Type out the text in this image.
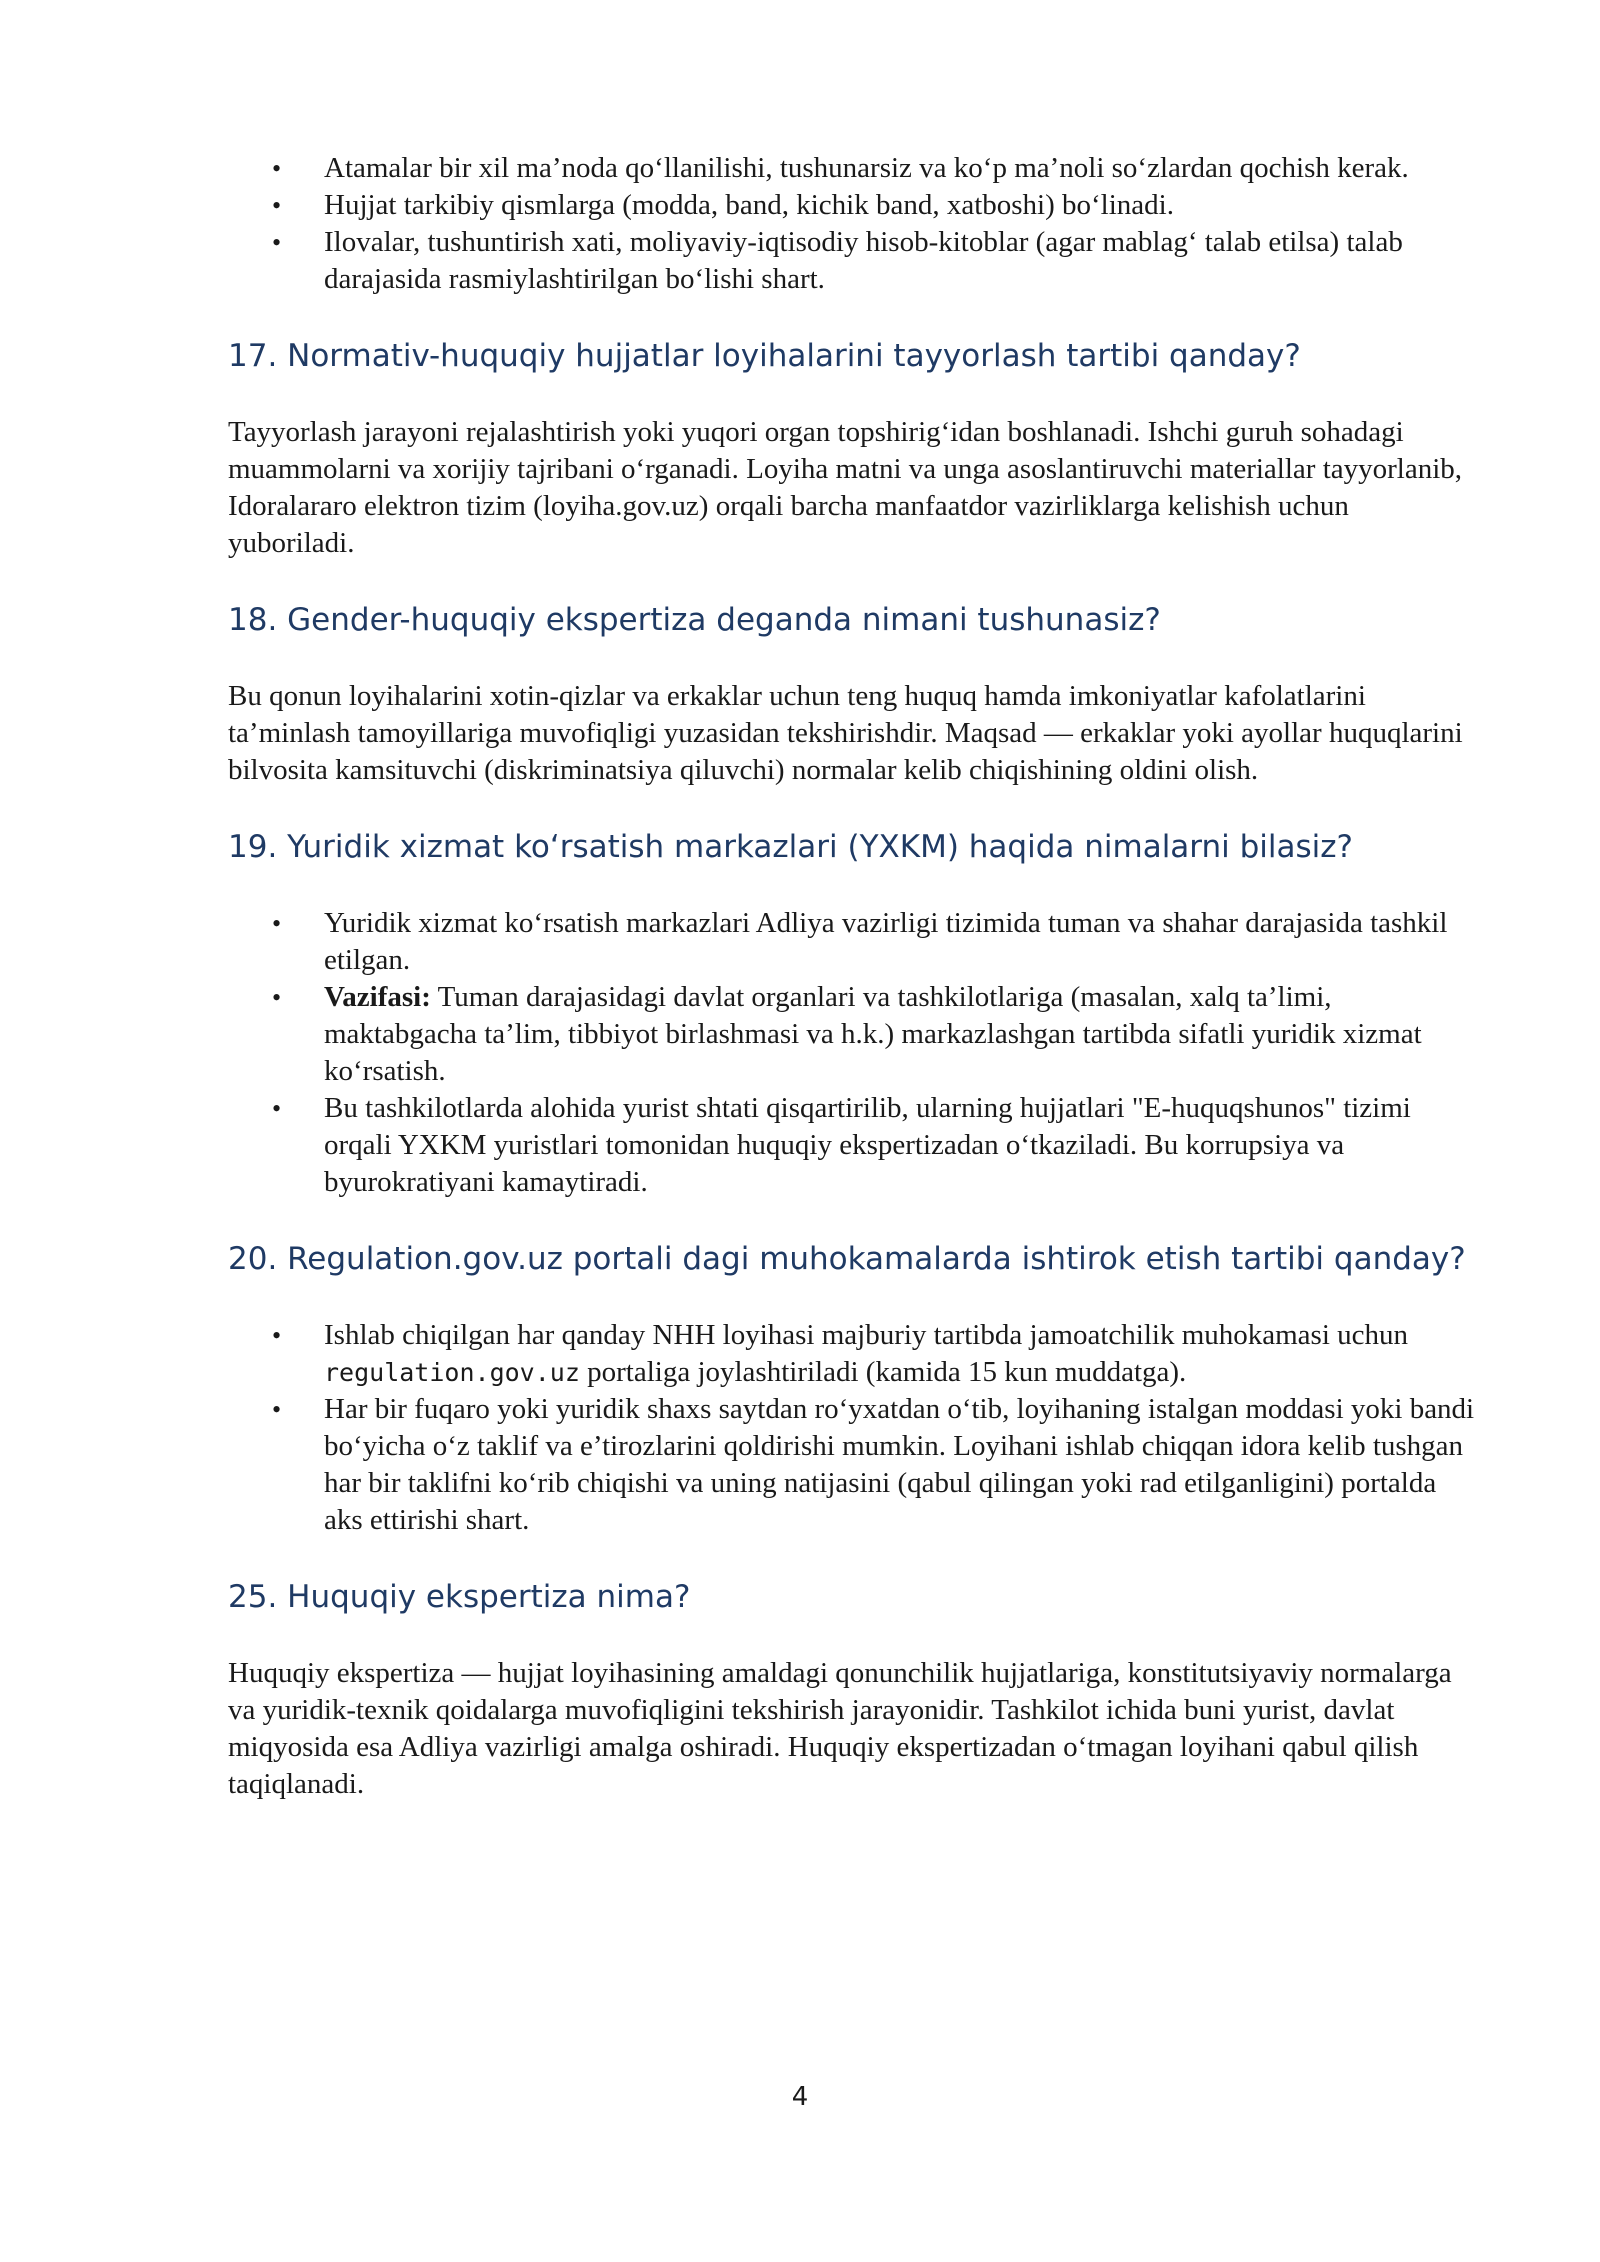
• Atamalar bir xil ma’noda qo‘llanilishi, tushunarsiz va ko‘p ma’noli so‘zlardan qochish kerak.
• Hujjat tarkibiy qismlarga (modda, band, kichik band, xatboshi) bo‘linadi.
• Ilovalar, tushuntirish xati, moliyaviy-iqtisodiy hisob-kitoblar (agar mablag‘ talab etilsa) talab darajasida rasmiylashtirilgan bo‘lishi shart.
17. Normativ-huquqiy hujjatlar loyihalarini tayyorlash tartibi qanday?

Tayyorlash jarayoni rejalashtirish yoki yuqori organ topshirig‘idan boshlanadi. Ishchi guruh sohadagi muammolarni va xorijiy tajribani o‘rganadi. Loyiha matni va unga asoslantiruvchi materiallar tayyorlanib, Idoralararo elektron tizim (loyiha.gov.uz) orqali barcha manfaatdor vazirliklarga kelishish uchun yuboriladi.

18. Gender-huquqiy ekspertiza deganda nimani tushunasiz?

Bu qonun loyihalarini xotin-qizlar va erkaklar uchun teng huquq hamda imkoniyatlar kafolatlarini ta’minlash tamoyillariga muvofiqligi yuzasidan tekshirishdir. Maqsad — erkaklar yoki ayollar huquqlarini bilvosita kamsituvchi (diskriminatsiya qiluvchi) normalar kelib chiqishining oldini olish.

19. Yuridik xizmat ko‘rsatish markazlari (YXKM) haqida nimalarni bilasiz?
• Yuridik xizmat ko‘rsatish markazlari Adliya vazirligi tizimida tuman va shahar darajasida tashkil etilgan.
• Vazifasi: Tuman darajasidagi davlat organlari va tashkilotlariga (masalan, xalq ta’limi, maktabgacha ta’lim, tibbiyot birlashmasi va h.k.) markazlashgan tartibda sifatli yuridik xizmat ko‘rsatish.
• Bu tashkilotlarda alohida yurist shtati qisqartirilib, ularning hujjatlari "E-huquqshunos" tizimi orqali YXKM yuristlari tomonidan huquqiy ekspertizadan o‘tkaziladi. Bu korrupsiya va byurokratiyani kamaytiradi.
20. Regulation.gov.uz portali dagi muhokamalarda ishtirok etish tartibi qanday?
• Ishlab chiqilgan har qanday NHH loyihasi majburiy tartibda jamoatchilik muhokamasi uchun regulation.gov.uz portaliga joylashtiriladi (kamida 15 kun muddatga).
• Har bir fuqaro yoki yuridik shaxs saytdan ro‘yxatdan o‘tib, loyihaning istalgan moddasi yoki bandi bo‘yicha o‘z taklif va e’tirozlarini qoldirishi mumkin. Loyihani ishlab chiqqan idora kelib tushgan har bir taklifni ko‘rib chiqishi va uning natijasini (qabul qilingan yoki rad etilganligini) portalda aks ettirishi shart.
25. Huquqiy ekspertiza nima?

Huquqiy ekspertiza — hujjat loyihasining amaldagi qonunchilik hujjatlariga, konstitutsiyaviy normalarga va yuridik-texnik qoidalarga muvofiqligini tekshirish jarayonidir. Tashkilot ichida buni yurist, davlat miqyosida esa Adliya vazirligi amalga oshiradi. Huquqiy ekspertizadan o‘tmagan loyihani qabul qilish taqiqlanadi.

4
